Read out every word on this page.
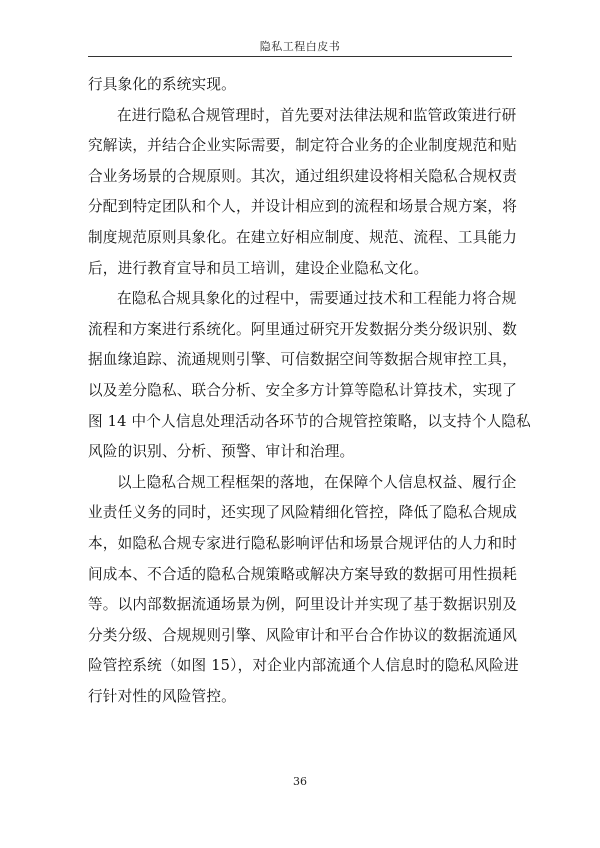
隐私工程白皮书
行具象化的系统实现。
在进行隐私合规管理时，首先要对法律法规和监管政策进行研
究解读，并结合企业实际需要，制定符合业务的企业制度规范和贴
合业务场景的合规原则。其次，通过组织建设将相关隐私合规权责
分配到特定团队和个人，并设计相应到的流程和场景合规方案，将
制度规范原则具象化。在建立好相应制度、规范、流程、工具能力
后，进行教育宣导和员工培训，建设企业隐私文化。
在隐私合规具象化的过程中，需要通过技术和工程能力将合规
流程和方案进行系统化。阿里通过研究开发数据分类分级识别、数
据血缘追踪、流通规则引擎、可信数据空间等数据合规审控工具，
以及差分隐私、联合分析、安全多方计算等隐私计算技术，实现了
图 14 中个人信息处理活动各环节的合规管控策略，以支持个人隐私
风险的识别、分析、预警、审计和治理。
以上隐私合规工程框架的落地，在保障个人信息权益、履行企
业责任义务的同时，还实现了风险精细化管控，降低了隐私合规成
本，如隐私合规专家进行隐私影响评估和场景合规评估的人力和时
间成本、不合适的隐私合规策略或解决方案导致的数据可用性损耗
等。以内部数据流通场景为例，阿里设计并实现了基于数据识别及
分类分级、合规规则引擎、风险审计和平台合作协议的数据流通风
险管控系统（如图 15），对企业内部流通个人信息时的隐私风险进
行针对性的风险管控。
36
